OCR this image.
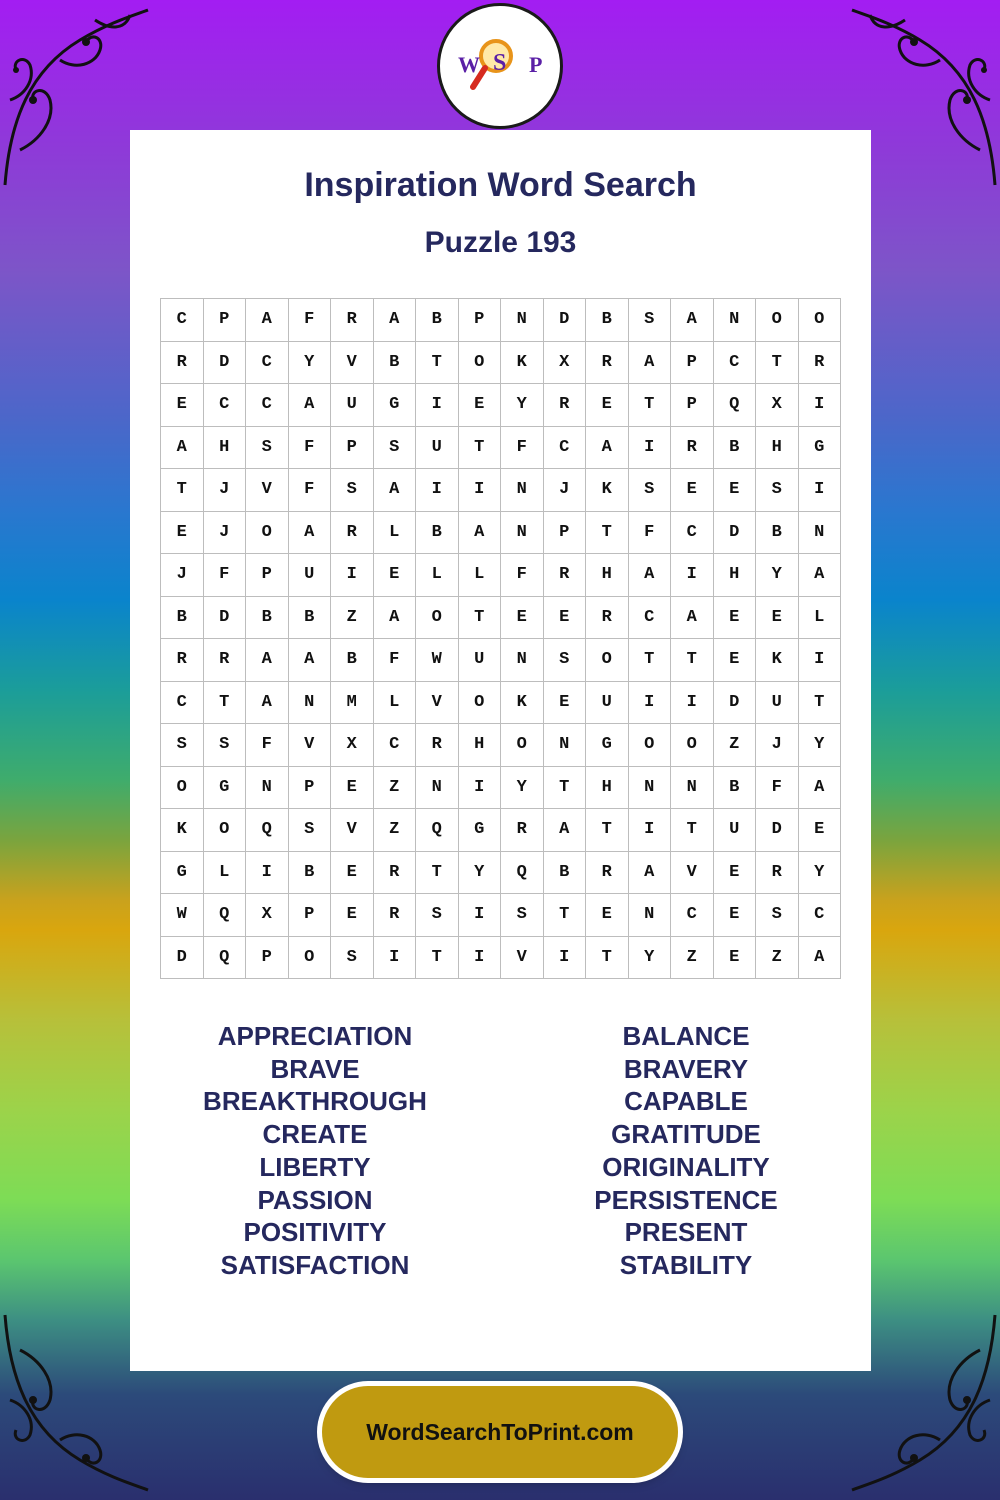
W S P
Inspiration Word Search
Puzzle 193
C	P	A	F	R	A	B	P	N	D	B	S	A	N	O	O
R	D	C	Y	V	B	T	O	K	X	R	A	P	C	T	R
E	C	C	A	U	G	I	E	Y	R	E	T	P	Q	X	I
A	H	S	F	P	S	U	T	F	C	A	I	R	B	H	G
T	J	V	F	S	A	I	I	N	J	K	S	E	E	S	I
E	J	O	A	R	L	B	A	N	P	T	F	C	D	B	N
J	F	P	U	I	E	L	L	F	R	H	A	I	H	Y	A
B	D	B	B	Z	A	O	T	E	E	R	C	A	E	E	L
R	R	A	A	B	F	W	U	N	S	O	T	T	E	K	I
C	T	A	N	M	L	V	O	K	E	U	I	I	D	U	T
S	S	F	V	X	C	R	H	O	N	G	O	O	Z	J	Y
O	G	N	P	E	Z	N	I	Y	T	H	N	N	B	F	A
K	O	Q	S	V	Z	Q	G	R	A	T	I	T	U	D	E
G	L	I	B	E	R	T	Y	Q	B	R	A	V	E	R	Y
W	Q	X	P	E	R	S	I	S	T	E	N	C	E	S	C
D	Q	P	O	S	I	T	I	V	I	T	Y	Z	E	Z	A
APPRECIATION
BRAVE
BREAKTHROUGH
CREATE
LIBERTY
PASSION
POSITIVITY
SATISFACTION
BALANCE
BRAVERY
CAPABLE
GRATITUDE
ORIGINALITY
PERSISTENCE
PRESENT
STABILITY
WordSearchToPrint.com
